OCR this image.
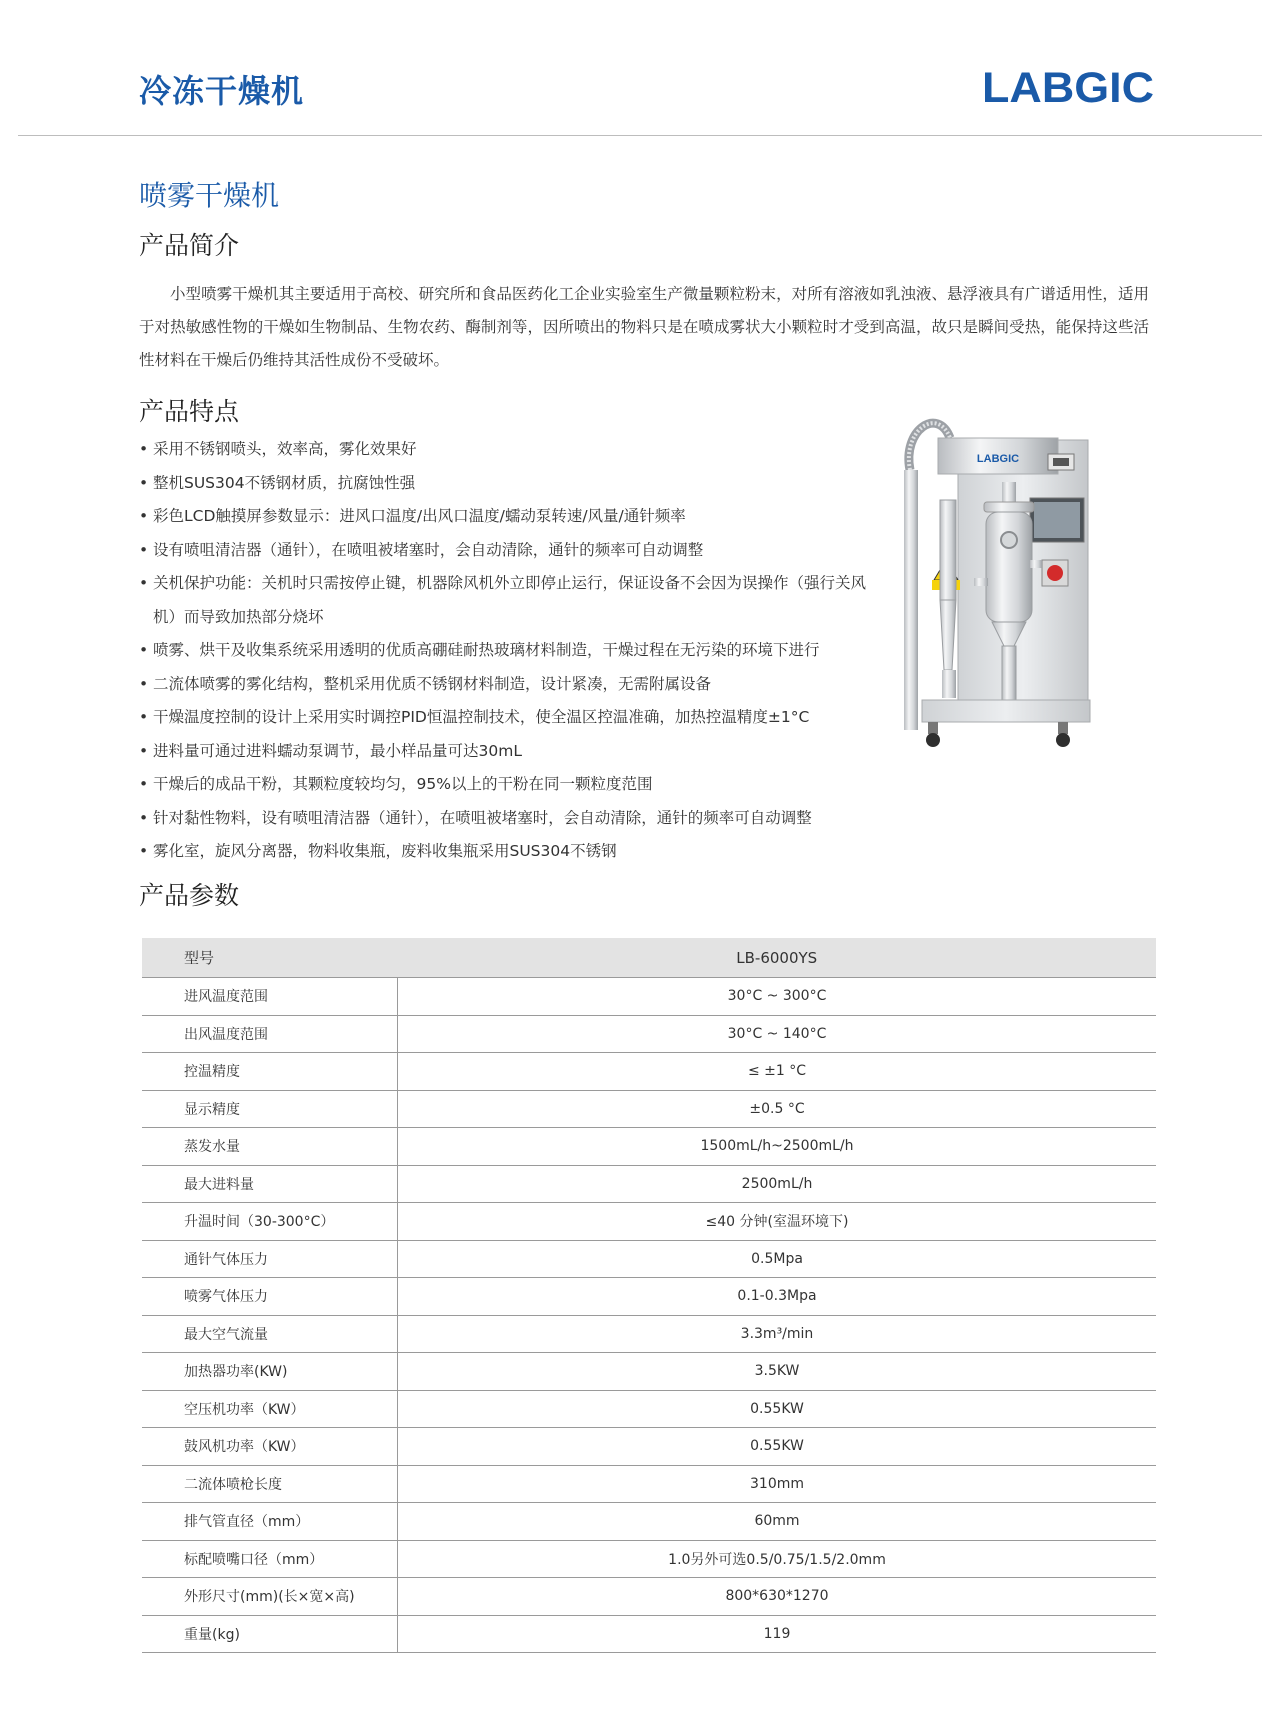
冷冻干燥机	LABGIC
喷雾干燥机
产品简介

小型喷雾干燥机其主要适用于高校、研究所和食品医药化工企业实验室生产微量颗粒粉末，对所有溶液如乳浊液、悬浮液具有广谱适用性，适用于对热敏感性物的干燥如生物制品、生物农药、酶制剂等，因所喷出的物料只是在喷成雾状大小颗粒时才受到高温，故只是瞬间受热，能保持这些活性材料在干燥后仍维持其活性成份不受破坏。

产品特点
• 采用不锈钢喷头，效率高，雾化效果好
• 整机SUS304不锈钢材质，抗腐蚀性强
• 彩色LCD触摸屏参数显示：进风口温度/出风口温度/蠕动泵转速/风量/通针频率
• 设有喷咀清洁器（通针），在喷咀被堵塞时，会自动清除，通针的频率可自动调整
• 关机保护功能：关机时只需按停止键，机器除风机外立即停止运行，保证设备不会因为误操作（强行关风机）而导致加热部分烧坏
• 喷雾、烘干及收集系统采用透明的优质高硼硅耐热玻璃材料制造，干燥过程在无污染的环境下进行
• 二流体喷雾的雾化结构，整机采用优质不锈钢材料制造，设计紧凑，无需附属设备
• 干燥温度控制的设计上采用实时调控PID恒温控制技术，使全温区控温准确，加热控温精度±1°C
• 进料量可通过进料蠕动泵调节，最小样品量可达30mL
• 干燥后的成品干粉，其颗粒度较均匀，95%以上的干粉在同一颗粒度范围
• 针对黏性物料，设有喷咀清洁器（通针），在喷咀被堵塞时，会自动清除，通针的频率可自动调整
• 雾化室，旋风分离器，物料收集瓶，废料收集瓶采用SUS304不锈钢
LABGIC
产品参数
型号	LB-6000YS
进风温度范围	30°C ~ 300°C
出风温度范围	30°C ~ 140°C
控温精度	≤ ±1 °C
显示精度	±0.5 °C
蒸发水量	1500mL/h~2500mL/h
最大进料量	2500mL/h
升温时间（30-300°C）	≤40 分钟(室温环境下)
通针气体压力	0.5Mpa
喷雾气体压力	0.1-0.3Mpa
最大空气流量	3.3m³/min
加热器功率(KW)	3.5KW
空压机功率（KW）	0.55KW
鼓风机功率（KW）	0.55KW
二流体喷枪长度	310mm
排气管直径（mm）	60mm
标配喷嘴口径（mm）	1.0另外可选0.5/0.75/1.5/2.0mm
外形尺寸(mm)(长×宽×高)	800*630*1270
重量(kg)	119
